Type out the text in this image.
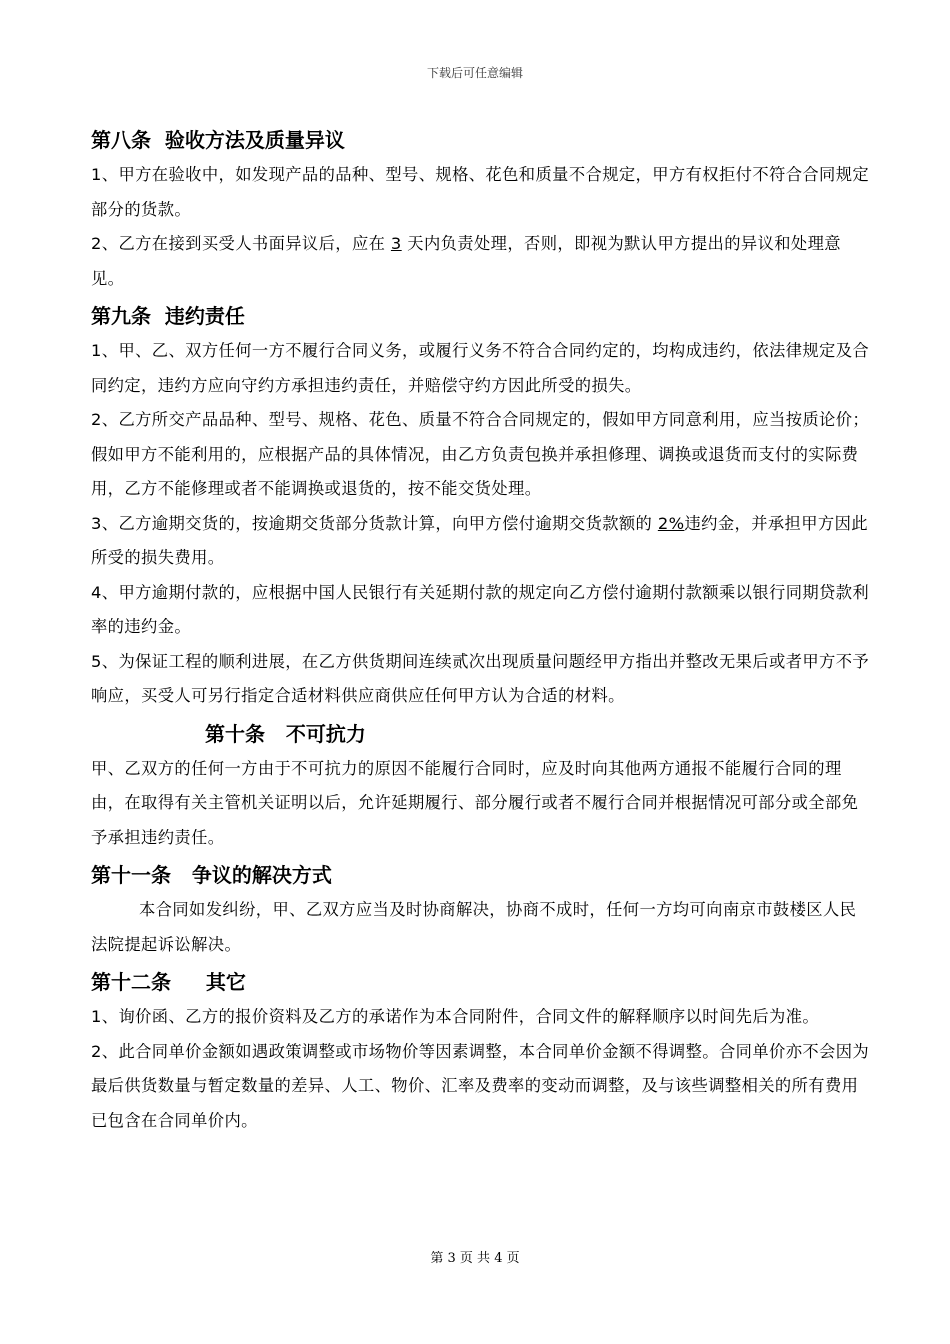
下载后可任意编辑
第八条  验收方法及质量异议

1、甲方在验收中，如发现产品的品种、型号、规格、花色和质量不合规定，甲方有权拒付不符合合同规定部分的货款。

2、乙方在接到买受人书面异议后，应在 3 天内负责处理，否则，即视为默认甲方提出的异议和处理意见。

第九条  违约责任

1、甲、乙、双方任何一方不履行合同义务，或履行义务不符合合同约定的，均构成违约，依法律规定及合同约定，违约方应向守约方承担违约责任，并赔偿守约方因此所受的损失。

2、乙方所交产品品种、型号、规格、花色、质量不符合合同规定的，假如甲方同意利用，应当按质论价；假如甲方不能利用的，应根据产品的具体情况，由乙方负责包换并承担修理、调换或退货而支付的实际费用，乙方不能修理或者不能调换或退货的，按不能交货处理。

3、乙方逾期交货的，按逾期交货部分货款计算，向甲方偿付逾期交货款额的 2%违约金，并承担甲方因此所受的损失费用。

4、甲方逾期付款的，应根据中国人民银行有关延期付款的规定向乙方偿付逾期付款额乘以银行同期贷款利率的违约金。

5、为保证工程的顺利进展，在乙方供货期间连续贰次出现质量问题经甲方指出并整改无果后或者甲方不予响应，买受人可另行指定合适材料供应商供应任何甲方认为合适的材料。

第十条   不可抗力

甲、乙双方的任何一方由于不可抗力的原因不能履行合同时，应及时向其他两方通报不能履行合同的理由，在取得有关主管机关证明以后，允许延期履行、部分履行或者不履行合同并根据情况可部分或全部免予承担违约责任。

第十一条   争议的解决方式

本合同如发纠纷，甲、乙双方应当及时协商解决，协商不成时，任何一方均可向南京市鼓楼区人民法院提起诉讼解决。

第十二条     其它

1、询价函、乙方的报价资料及乙方的承诺作为本合同附件，合同文件的解释顺序以时间先后为准。

2、此合同单价金额如遇政策调整或市场物价等因素调整，本合同单价金额不得调整。合同单价亦不会因为最后供货数量与暂定数量的差异、人工、物价、汇率及费率的变动而调整，及与该些调整相关的所有费用已包含在合同单价内。

第 3 页 共 4 页
